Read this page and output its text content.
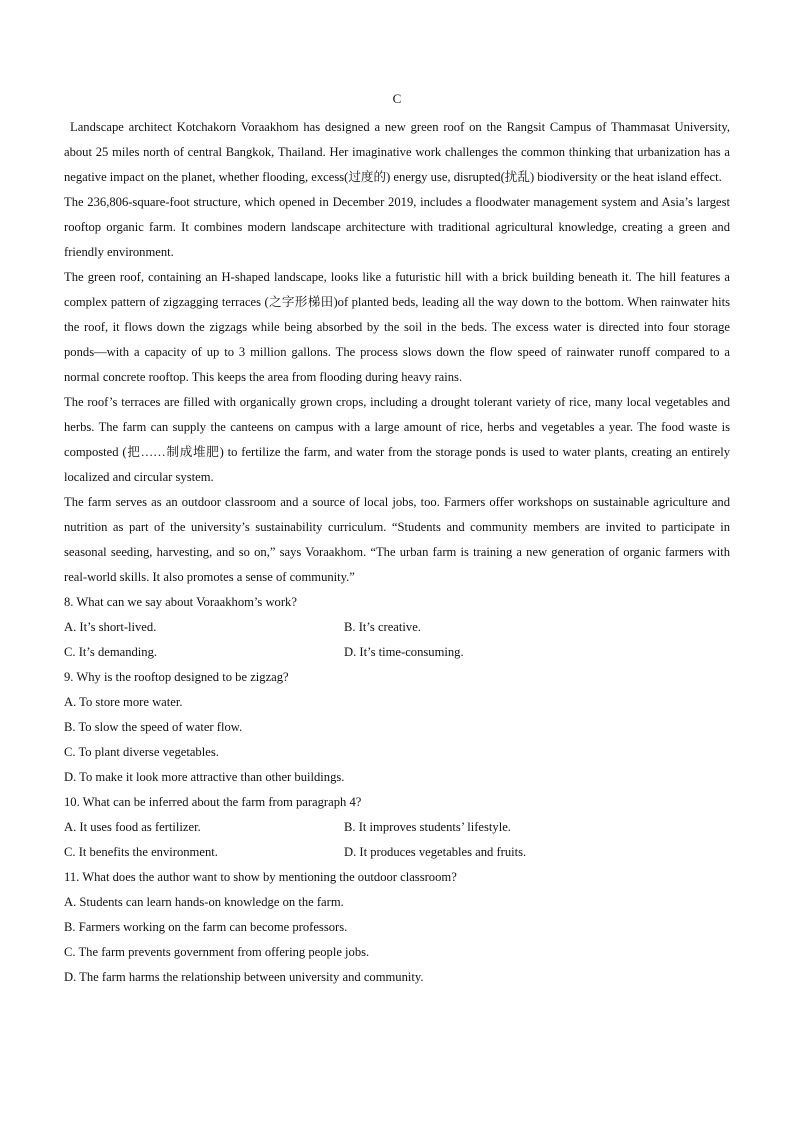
C

Landscape architect Kotchakorn Voraakhom has designed a new green roof on the Rangsit Campus of Thammasat University, about 25 miles north of central Bangkok, Thailand. Her imaginative work challenges the common thinking that urbanization has a negative impact on the planet, whether flooding, excess(过度的) energy use, disrupted(扰乱) biodiversity or the heat island effect.

The 236,806-square-foot structure, which opened in December 2019, includes a floodwater management system and Asia’s largest rooftop organic farm. It combines modern landscape architecture with traditional agricultural knowledge, creating a green and friendly environment.

The green roof, containing an H-shaped landscape, looks like a futuristic hill with a brick building beneath it. The hill features a complex pattern of zigzagging terraces (之字形梯田)of planted beds, leading all the way down to the bottom. When rainwater hits the roof, it flows down the zigzags while being absorbed by the soil in the beds. The excess water is directed into four storage ponds—with a capacity of up to 3 million gallons. The process slows down the flow speed of rainwater runoff compared to a normal concrete rooftop. This keeps the area from flooding during heavy rains.

The roof’s terraces are filled with organically grown crops, including a drought tolerant variety of rice, many local vegetables and herbs. The farm can supply the canteens on campus with a large amount of rice, herbs and vegetables a year. The food waste is composted (把……制成堆肥) to fertilize the farm, and water from the storage ponds is used to water plants, creating an entirely localized and circular system.

The farm serves as an outdoor classroom and a source of local jobs, too. Farmers offer workshops on sustainable agriculture and nutrition as part of the university’s sustainability curriculum. “Students and community members are invited to participate in seasonal seeding, harvesting, and so on,” says Voraakhom. “The urban farm is training a new generation of organic farmers with real-world skills. It also promotes a sense of community.”

8. What can we say about Voraakhom’s work?

A. It’s short-lived.	B. It’s creative.

C. It’s demanding.	D. It’s time-consuming.

9. Why is the rooftop designed to be zigzag?

A. To store more water.

B. To slow the speed of water flow.

C. To plant diverse vegetables.

D. To make it look more attractive than other buildings.

10. What can be inferred about the farm from paragraph 4?

A. It uses food as fertilizer.	B. It improves students’ lifestyle.

C. It benefits the environment.	D. It produces vegetables and fruits.

11. What does the author want to show by mentioning the outdoor classroom?

A. Students can learn hands-on knowledge on the farm.

B. Farmers working on the farm can become professors.

C. The farm prevents government from offering people jobs.

D. The farm harms the relationship between university and community.
